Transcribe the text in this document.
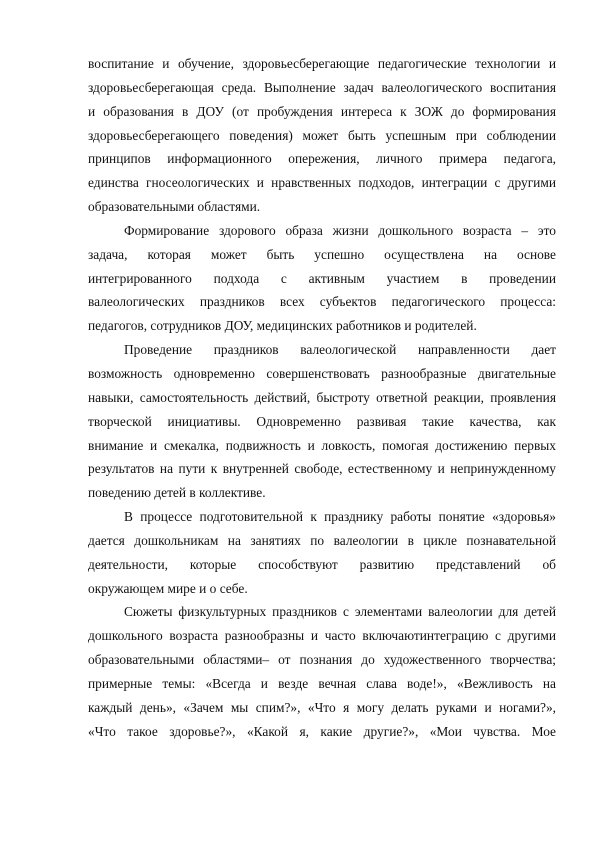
воспитание и обучение, здоровьесберегающие педагогические технологии и
здоровьесберегающая среда. Выполнение задач валеологического воспитания
и образования в ДОУ (от пробуждения интереса к ЗОЖ до формирования
здоровьесберегающего поведения) может быть успешным при соблюдении
принципов информационного опережения, личного примера педагога,
единства гносеологических и нравственных подходов, интеграции с другими
образовательными областями.
Формирование здорового образа жизни дошкольного возраста – это
задача, которая может быть успешно осуществлена на основе
интегрированного подхода с активным участием в проведении
валеологических праздников всех субъектов педагогического процесса:
педагогов, сотрудников ДОУ, медицинских работников и родителей.
Проведение праздников валеологической направленности дает
возможность одновременно совершенствовать разнообразные двигательные
навыки, самостоятельность действий, быстроту ответной реакции, проявления
творческой инициативы. Одновременно развивая такие качества, как
внимание и смекалка, подвижность и ловкость, помогая достижению первых
результатов на пути к внутренней свободе, естественному и непринужденному
поведению детей в коллективе.
В процессе подготовительной к празднику работы понятие «здоровья»
дается дошкольникам на занятиях по валеологии в цикле познавательной
деятельности, которые способствуют развитию представлений об
окружающем мире и о себе.
Сюжеты физкультурных праздников с элементами валеологии для детей
дошкольного возраста разнообразны и часто включаютинтеграцию с другими
образовательными областями– от познания до художественного творчества;
примерные темы: «Всегда и везде вечная слава воде!», «Вежливость на
каждый день», «Зачем мы спим?», «Что я могу делать руками и ногами?»,
«Что такое здоровье?», «Какой я, какие другие?», «Мои чувства. Мое
